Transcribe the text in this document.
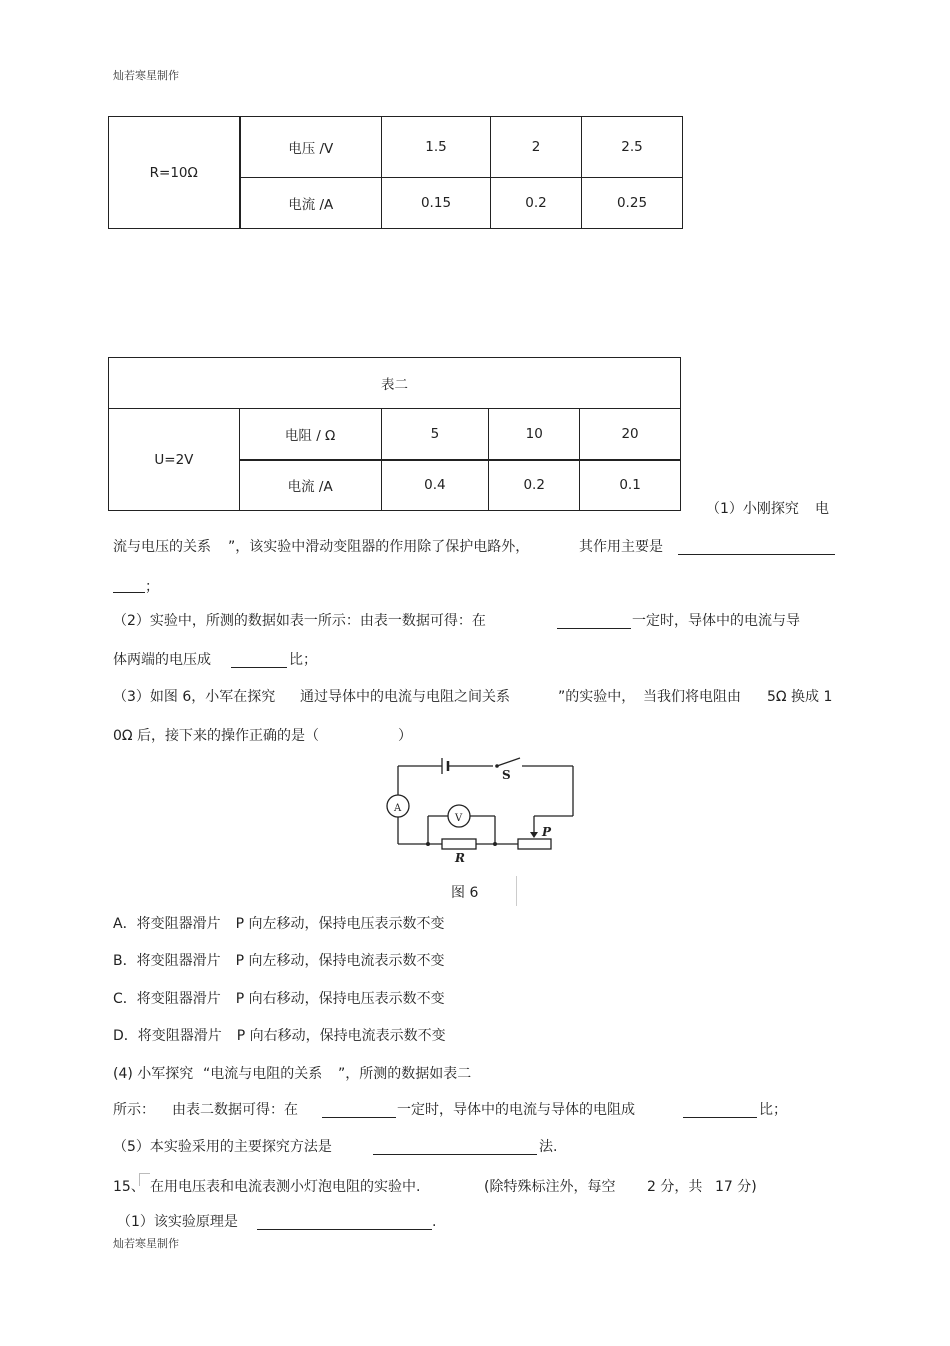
灿若寒星制作
灿若寒星制作
R=10Ω	电压 /V	1.5	2	2.5
	电流 /A	0.15	0.2	0.25
表二				
U=2V	电阻 / Ω	5	10	20
	电流 /A	0.4	0.2	0.1
（1）小刚探究 电
流与电压的关系 ”，该实验中滑动变阻器的作用除了保护电路外，	其作用主要是
；
（2）实验中，所测的数据如表一所示：由表一数据可得：在	一定时，导体中的电流与导
体两端的电压成	比；
（3）如图 6，小军在探究 通过导体中的电流与电阻之间关系	”的实验中， 当我们将电阻由 5Ω 换成 1
0Ω 后，接下来的操作正确的是（	）
S
A
V
R
P
图 6
A．将变阻器滑片 P 向左移动，保持电压表示数不变
B．将变阻器滑片 P 向左移动，保持电流表示数不变
C．将变阻器滑片 P 向右移动，保持电压表示数不变
D．将变阻器滑片 P 向右移动，保持电流表示数不变
(4) 小军探究 “电流与电阻的关系 ”，所测的数据如表二
所示： 由表二数据可得：在	一定时，导体中的电流与导体的电阻成	比；
（5）本实验采用的主要探究方法是	法.
15、 在用电压表和电流表测小灯泡电阻的实验中.	(除特殊标注外，每空 2 分，共 17 分)
（1）该实验原理是	.
